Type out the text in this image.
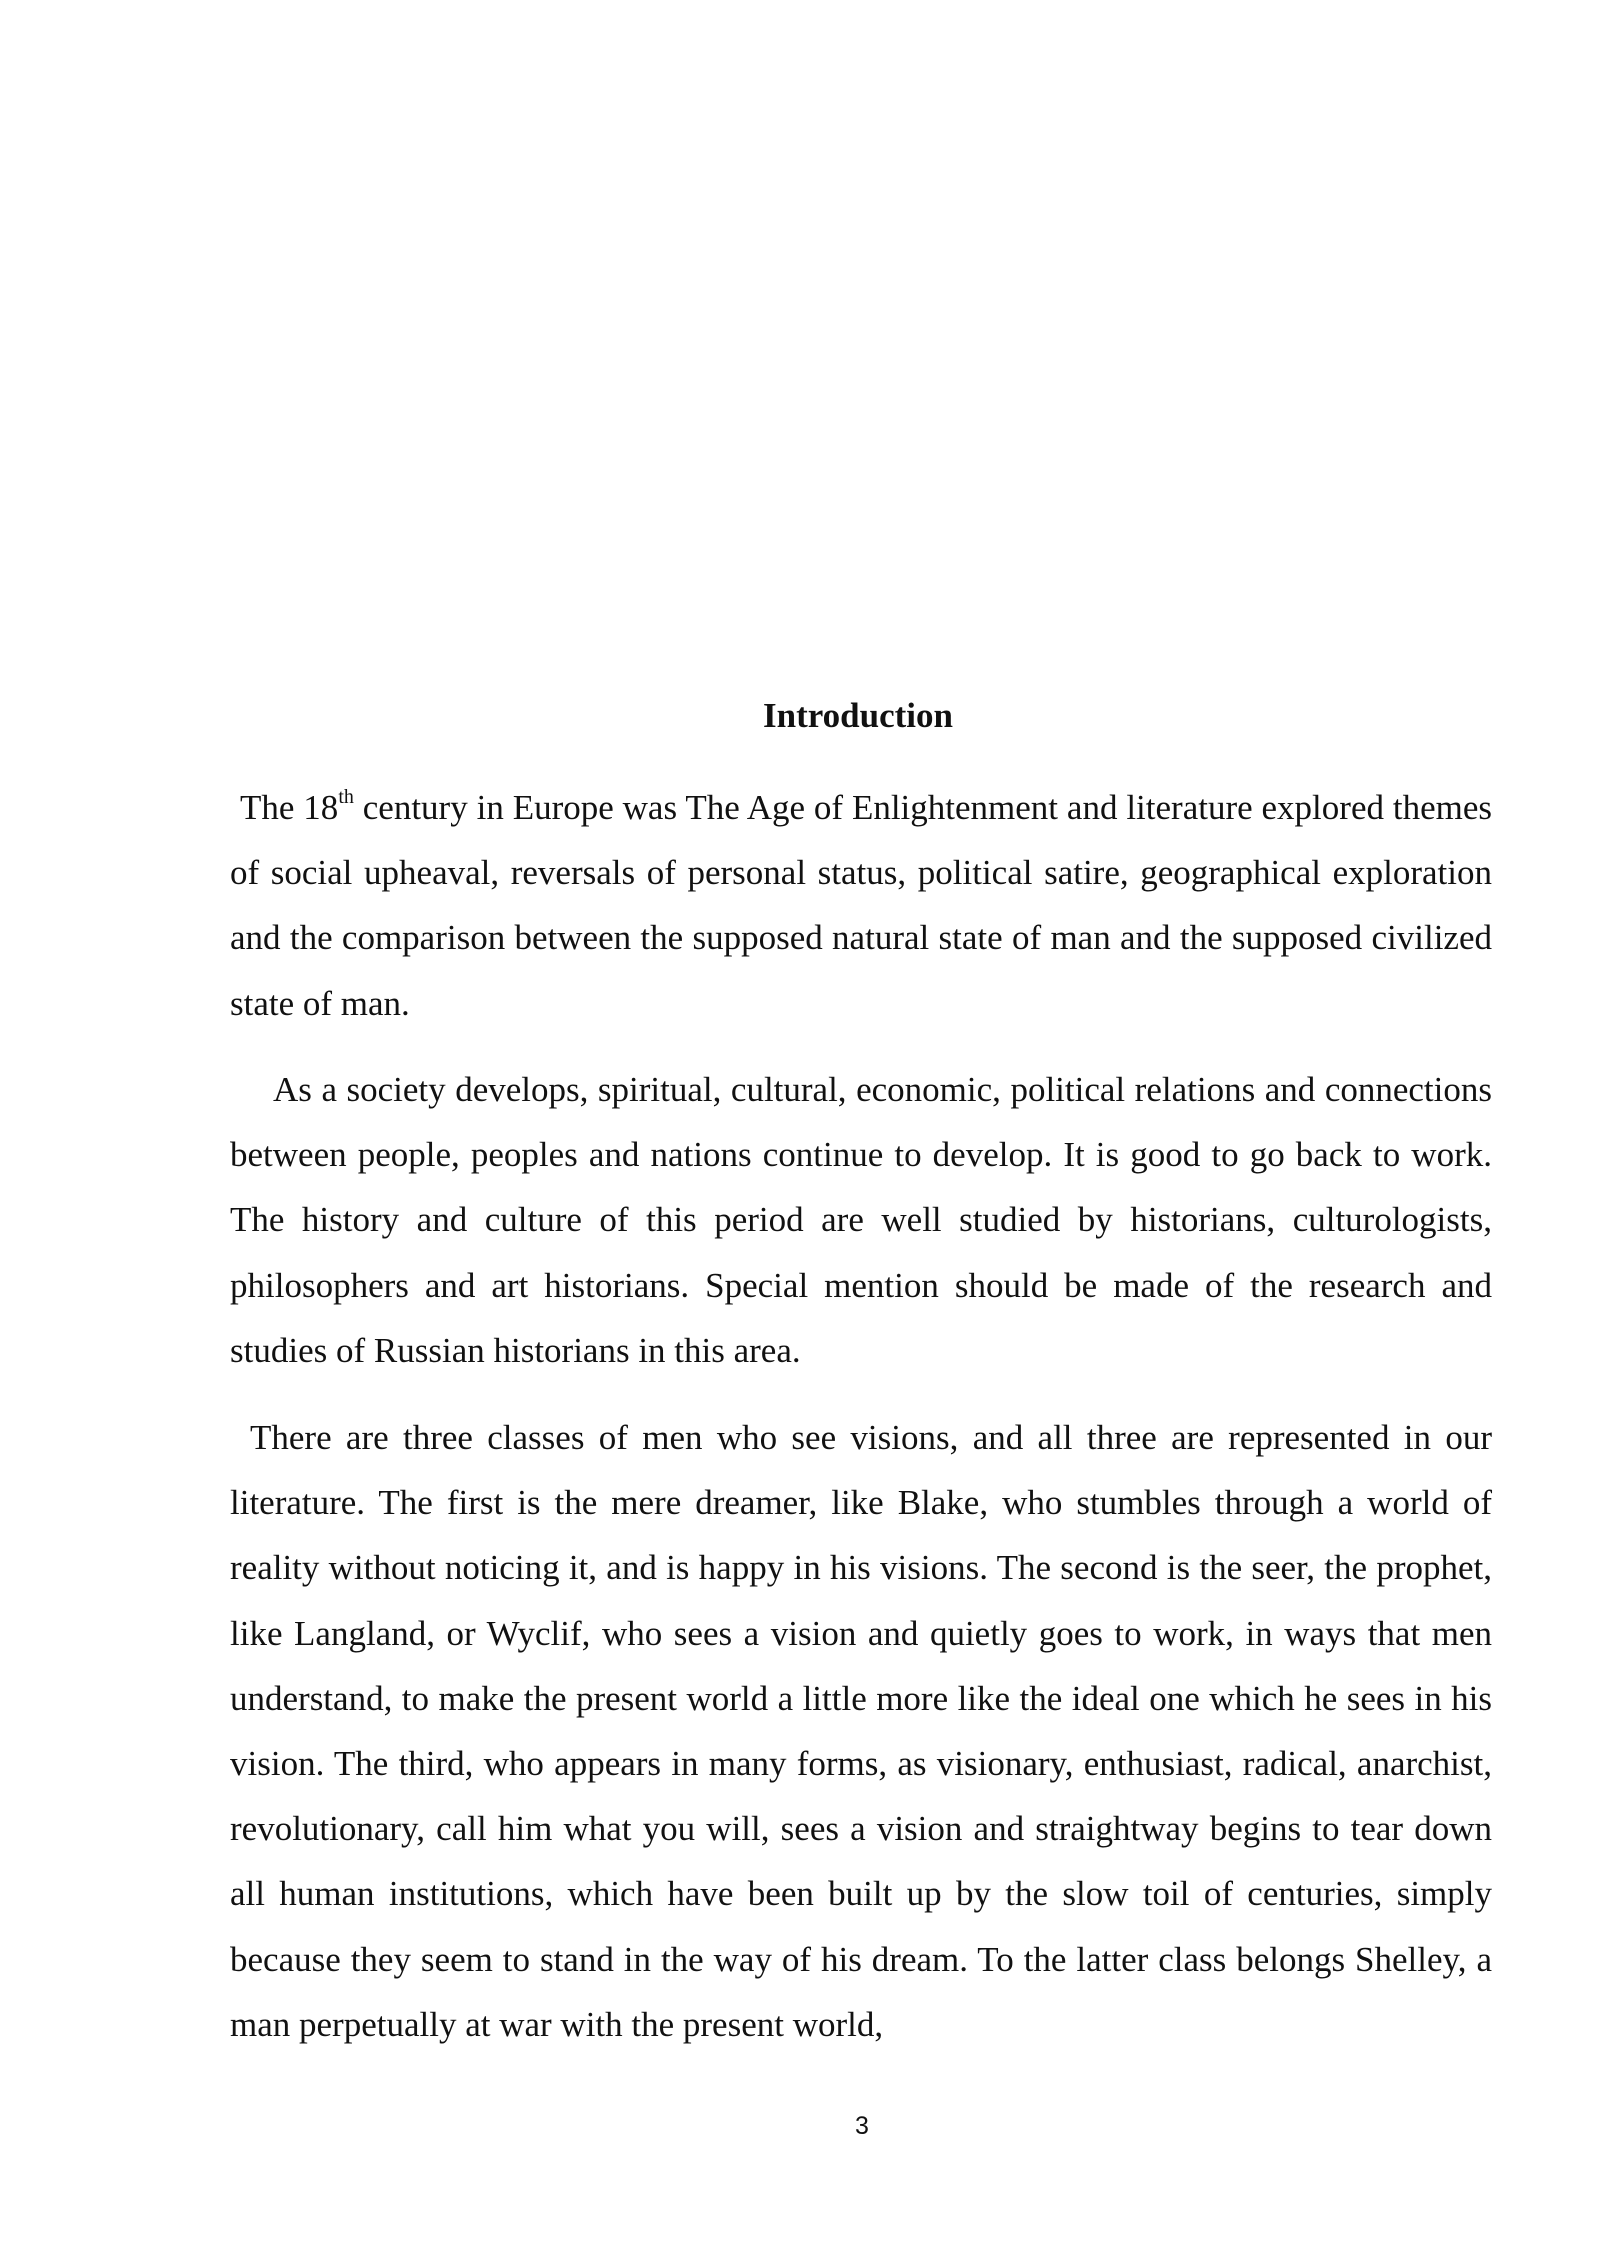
Introduction
The 18th century in Europe was The Age of Enlightenment and literature explored themes of social upheaval, reversals of personal status, political satire, geographical exploration and the comparison between the supposed natural state of man and the supposed civilized state of man.
As a society develops, spiritual, cultural, economic, political relations and connections between people, peoples and nations continue to develop. It is good to go back to work. The history and culture of this period are well studied by historians, culturologists, philosophers and art historians. Special mention should be made of the research and studies of Russian historians in this area.
There are three classes of men who see visions, and all three are represented in our literature. The first is the mere dreamer, like Blake, who stumbles through a world of reality without noticing it, and is happy in his visions. The second is the seer, the prophet, like Langland, or Wyclif, who sees a vision and quietly goes to work, in ways that men understand, to make the present world a little more like the ideal one which he sees in his vision. The third, who appears in many forms, as visionary, enthusiast, radical, anarchist, revolutionary, call him what you will, sees a vision and straightway begins to tear down all human institutions, which have been built up by the slow toil of centuries, simply because they seem to stand in the way of his dream. To the latter class belongs Shelley, a man perpetually at war with the present world,
3
